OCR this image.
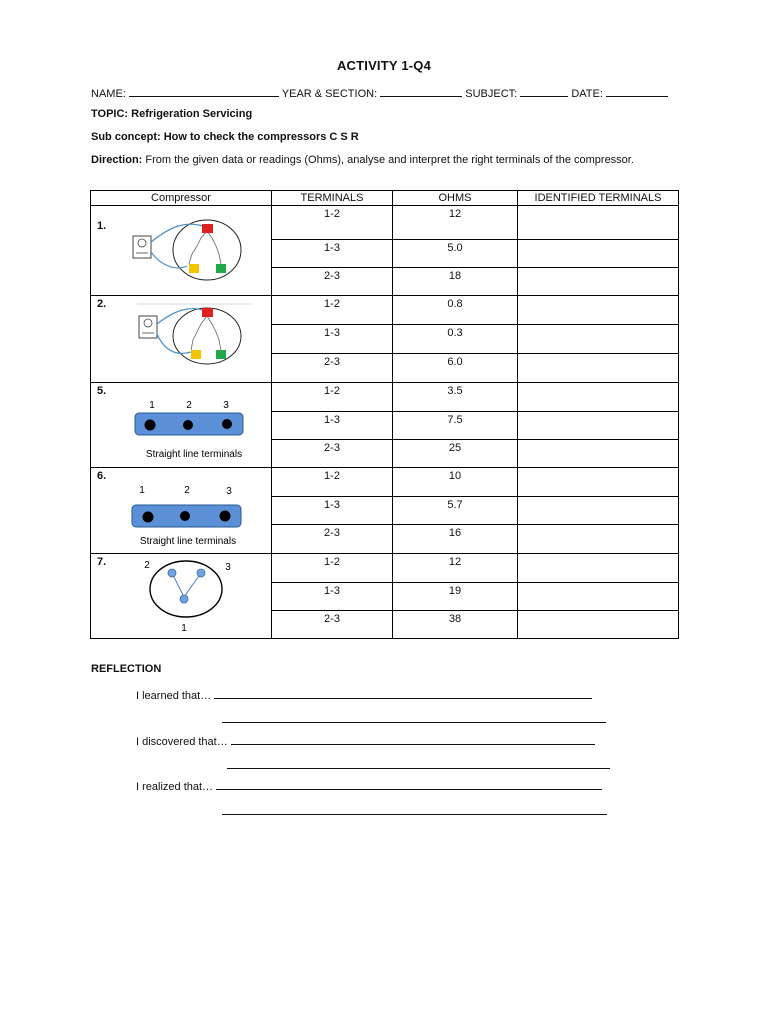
ACTIVITY 1-Q4
NAME:	YEAR & SECTION:	SUBJECT:	DATE:
TOPIC: Refrigeration Servicing
Sub concept: How to check the compressors C S R
Direction: From the given data or readings (Ohms), analyse and interpret the right terminals of the compressor.
Compressor	TERMINALS	OHMS	IDENTIFIED TERMINALS

1.	1-2	12	
	1-3	5.0	
	2-3	18	

2.	1-2	0.8	
	1-3	0.3	
	2-3	6.0	

5.
1 2 3
Straight line terminals	1-2	3.5	
	1-3	7.5	
	2-3	25	

6.
1 2 3
Straight line terminals	1-2	10	
	1-3	5.7	
	2-3	16	

7. 2 3
1	1-2	12	
	1-3	19	
	2-3	38	
REFLECTION
I learned that…
I discovered that…
I realized that…
